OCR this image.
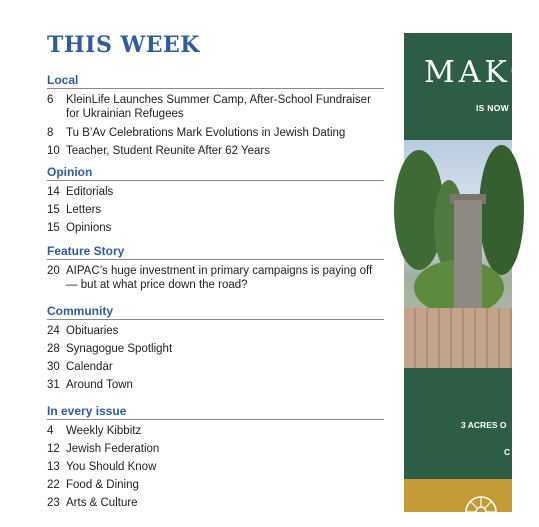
THIS WEEK
Local
6 KleinLife Launches Summer Camp, After-School Fundraiser for Ukrainian Refugees
8 Tu B’Av Celebrations Mark Evolutions in Jewish Dating
10 Teacher, Student Reunite After 62 Years
Opinion
14 Editorials
15 Letters
15 Opinions
Feature Story
20 AIPAC’s huge investment in primary campaigns is paying off — but at what price down the road?
Community
24 Obituaries
28 Synagogue Spotlight
30 Calendar
31 Around Town
In every issue
4 Weekly Kibbitz
12 Jewish Federation
13 You Should Know
22 Food & Dining
23 Arts & Culture
MAKO
IS NOW
3 ACRES O
C
